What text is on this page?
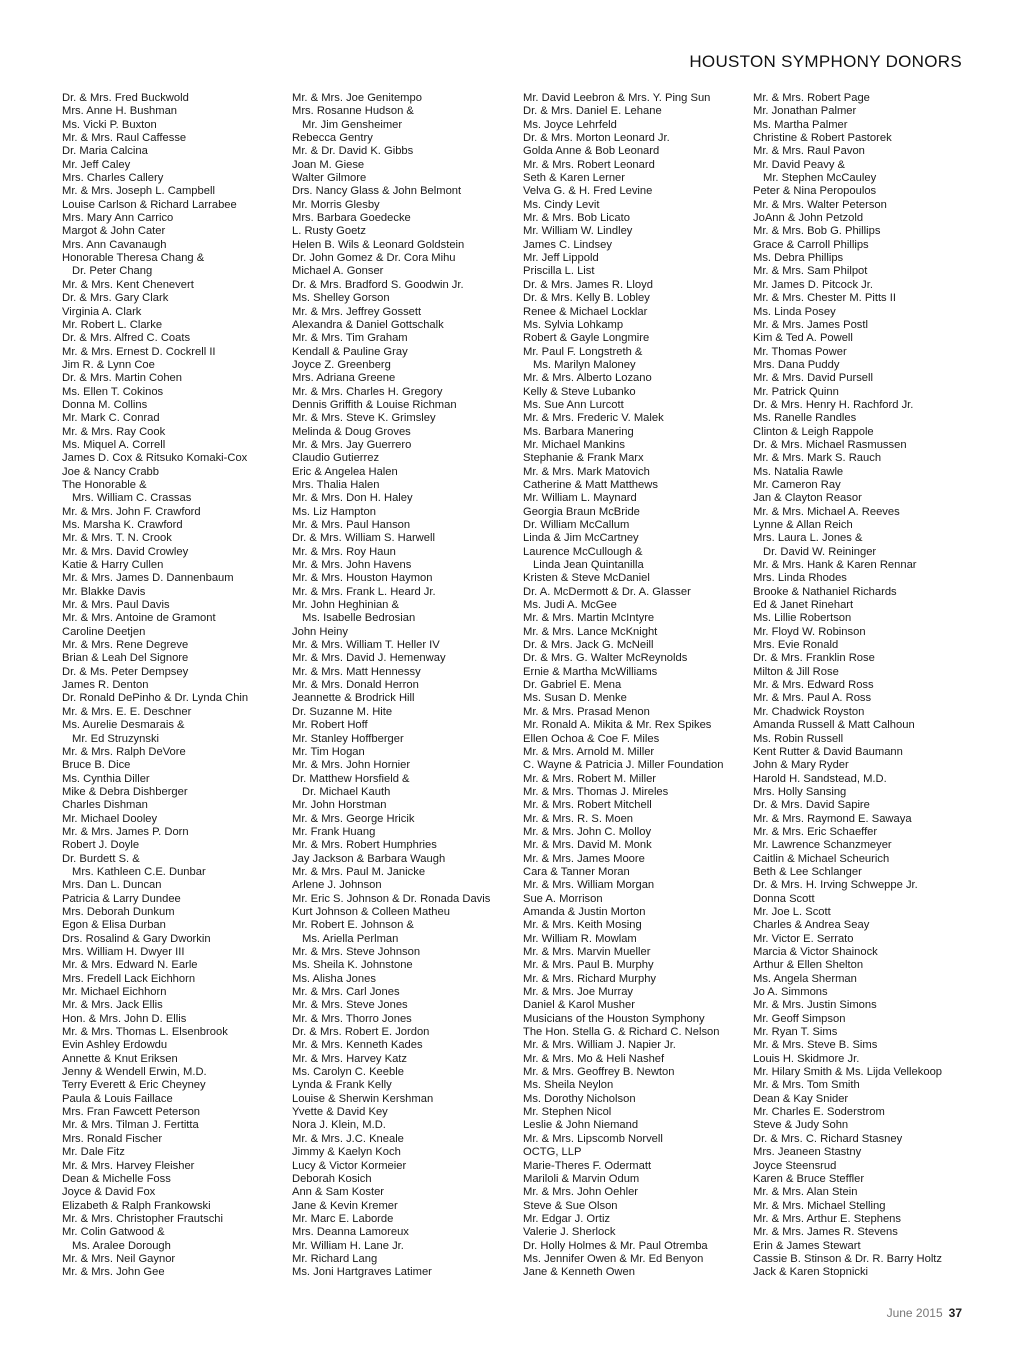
HOUSTON SYMPHONY DONORS
Dr. & Mrs. Fred Buckwold
Mrs. Anne H. Bushman
Ms. Vicki P. Buxton
Mr. & Mrs. Raul Caffesse
Dr. Maria Calcina
Mr. Jeff Caley
Mrs. Charles Callery
Mr. & Mrs. Joseph L. Campbell
Louise Carlson & Richard Larrabee
Mrs. Mary Ann Carrico
Margot & John Cater
Mrs. Ann Cavanaugh
Honorable Theresa Chang &
Dr. Peter Chang
Mr. & Mrs. Kent Chenevert
Dr. & Mrs. Gary Clark
Virginia A. Clark
Mr. Robert L. Clarke
Dr. & Mrs. Alfred C. Coats
Mr. & Mrs. Ernest D. Cockrell II
Jim R. & Lynn Coe
Dr. & Mrs. Martin Cohen
Ms. Ellen T. Cokinos
Donna M. Collins
Mr. Mark C. Conrad
Mr. & Mrs. Ray Cook
Ms. Miquel A. Correll
James D. Cox & Ritsuko Komaki-Cox
Joe & Nancy Crabb
The Honorable &
Mrs. William C. Crassas
Mr. & Mrs. John F. Crawford
Ms. Marsha K. Crawford
Mr. & Mrs. T. N. Crook
Mr. & Mrs. David Crowley
Katie & Harry Cullen
Mr. & Mrs. James D. Dannenbaum
Mr. Blakke Davis
Mr. & Mrs. Paul Davis
Mr. & Mrs. Antoine de Gramont
Caroline Deetjen
Mr. & Mrs. Rene Degreve
Brian & Leah Del Signore
Dr. & Ms. Peter Dempsey
James R. Denton
Dr. Ronald DePinho & Dr. Lynda Chin
Mr. & Mrs. E. E. Deschner
Ms. Aurelie Desmarais &
Mr. Ed Struzynski
Mr. & Mrs. Ralph DeVore
Bruce B. Dice
Ms. Cynthia Diller
Mike & Debra Dishberger
Charles Dishman
Mr. Michael Dooley
Mr. & Mrs. James P. Dorn
Robert J. Doyle
Dr. Burdett S. &
Mrs. Kathleen C.E. Dunbar
Mrs. Dan L. Duncan
Patricia & Larry Dundee
Mrs. Deborah Dunkum
Egon & Elisa Durban
Drs. Rosalind & Gary Dworkin
Mrs. William H. Dwyer III
Mr. & Mrs. Edward N. Earle
Mrs. Fredell Lack Eichhorn
Mr. Michael Eichhorn
Mr. & Mrs. Jack Ellis
Hon. & Mrs. John D. Ellis
Mr. & Mrs. Thomas L. Elsenbrook
Evin Ashley Erdowdu
Annette & Knut Eriksen
Jenny & Wendell Erwin, M.D.
Terry Everett & Eric Cheyney
Paula & Louis Faillace
Mrs. Fran Fawcett Peterson
Mr. & Mrs. Tilman J. Fertitta
Mrs. Ronald Fischer
Mr. Dale Fitz
Mr. & Mrs. Harvey Fleisher
Dean & Michelle Foss
Joyce & David Fox
Elizabeth & Ralph Frankowski
Mr. & Mrs. Christopher Frautschi
Mr. Colin Gatwood &
Ms. Aralee Dorough
Mr. & Mrs. Neil Gaynor
Mr. & Mrs. John Gee
Mr. & Mrs. Joe Genitempo
Mrs. Rosanne Hudson &
Mr. Jim Gensheimer
Rebecca Gentry
Mr. & Dr. David K. Gibbs
Joan M. Giese
Walter Gilmore
Drs. Nancy Glass & John Belmont
Mr. Morris Glesby
Mrs. Barbara Goedecke
L. Rusty Goetz
Helen B. Wils & Leonard Goldstein
Dr. John Gomez & Dr. Cora Mihu
Michael A. Gonser
Dr. & Mrs. Bradford S. Goodwin Jr.
Ms. Shelley Gorson
Mr. & Mrs. Jeffrey Gossett
Alexandra & Daniel Gottschalk
Mr. & Mrs. Tim Graham
Kendall & Pauline Gray
Joyce Z. Greenberg
Mrs. Adriana Greene
Mr. & Mrs. Charles H. Gregory
Dennis Griffith & Louise Richman
Mr. & Mrs. Steve K. Grimsley
Melinda & Doug Groves
Mr. & Mrs. Jay Guerrero
Claudio Gutierrez
Eric & Angelea Halen
Mrs. Thalia Halen
Mr. & Mrs. Don H. Haley
Ms. Liz Hampton
Mr. & Mrs. Paul Hanson
Dr. & Mrs. William S. Harwell
Mr. & Mrs. Roy Haun
Mr. & Mrs. John Havens
Mr. & Mrs. Houston Haymon
Mr. & Mrs. Frank L. Heard Jr.
Mr. John Heghinian &
Ms. Isabelle Bedrosian
John Heiny
Mr. & Mrs. William T. Heller IV
Mr. & Mrs. David J. Hemenway
Mr. & Mrs. Matt Hennessy
Mr. & Mrs. Donald Herron
Jeannette & Brodrick Hill
Dr. Suzanne M. Hite
Mr. Robert Hoff
Mr. Stanley Hoffberger
Mr. Tim Hogan
Mr. & Mrs. John Hornier
Dr. Matthew Horsfield &
Dr. Michael Kauth
Mr. John Horstman
Mr. & Mrs. George Hricik
Mr. Frank Huang
Mr. & Mrs. Robert Humphries
Jay Jackson & Barbara Waugh
Mr. & Mrs. Paul M. Janicke
Arlene J. Johnson
Mr. Eric S. Johnson & Dr. Ronada Davis
Kurt Johnson & Colleen Matheu
Mr. Robert E. Johnson &
Ms. Ariella Perlman
Mr. & Mrs. Steve Johnson
Ms. Sheila K. Johnstone
Ms. Alisha Jones
Mr. & Mrs. Carl Jones
Mr. & Mrs. Steve Jones
Mr. & Mrs. Thorro Jones
Dr. & Mrs. Robert E. Jordon
Mr. & Mrs. Kenneth Kades
Mr. & Mrs. Harvey Katz
Ms. Carolyn C. Keeble
Lynda & Frank Kelly
Louise & Sherwin Kershman
Yvette & David Key
Nora J. Klein, M.D.
Mr. & Mrs. J.C. Kneale
Jimmy & Kaelyn Koch
Lucy & Victor Kormeier
Deborah Kosich
Ann & Sam Koster
Jane & Kevin Kremer
Mr. Marc E. Laborde
Mrs. Deanna Lamoreux
Mr. William H. Lane Jr.
Mr. Richard Lang
Ms. Joni Hartgraves Latimer
Mr. David Leebron & Mrs. Y. Ping Sun
Dr. & Mrs. Daniel E. Lehane
Ms. Joyce Lehrfeld
Dr. & Mrs. Morton Leonard Jr.
Golda Anne & Bob Leonard
Mr. & Mrs. Robert Leonard
Seth & Karen Lerner
Velva G. & H. Fred Levine
Ms. Cindy Levit
Mr. & Mrs. Bob Licato
Mr. William W. Lindley
James C. Lindsey
Mr. Jeff Lippold
Priscilla L. List
Dr. & Mrs. James R. Lloyd
Dr. & Mrs. Kelly B. Lobley
Renee & Michael Locklar
Ms. Sylvia Lohkamp
Robert & Gayle Longmire
Mr. Paul F. Longstreth &
Ms. Marilyn Maloney
Mr. & Mrs. Alberto Lozano
Kelly & Steve Lubanko
Ms. Sue Ann Lurcott
Mr. & Mrs. Frederic V. Malek
Ms. Barbara Manering
Mr. Michael Mankins
Stephanie & Frank Marx
Mr. & Mrs. Mark Matovich
Catherine & Matt Matthews
Mr. William L. Maynard
Georgia Braun McBride
Dr. William McCallum
Linda & Jim McCartney
Laurence McCullough &
Linda Jean Quintanilla
Kristen & Steve McDaniel
Dr. A. McDermott & Dr. A. Glasser
Ms. Judi A. McGee
Mr. & Mrs. Martin McIntyre
Mr. & Mrs. Lance McKnight
Dr. & Mrs. Jack G. McNeill
Dr. & Mrs. G. Walter McReynolds
Ernie & Martha McWilliams
Dr. Gabriel E. Mena
Ms. Susan D. Menke
Mr. & Mrs. Prasad Menon
Mr. Ronald A. Mikita & Mr. Rex Spikes
Ellen Ochoa & Coe F. Miles
Mr. & Mrs. Arnold M. Miller
C. Wayne & Patricia J. Miller Foundation
Mr. & Mrs. Robert M. Miller
Mr. & Mrs. Thomas J. Mireles
Mr. & Mrs. Robert Mitchell
Mr. & Mrs. R. S. Moen
Mr. & Mrs. John C. Molloy
Mr. & Mrs. David M. Monk
Mr. & Mrs. James Moore
Cara & Tanner Moran
Mr. & Mrs. William Morgan
Sue A. Morrison
Amanda & Justin Morton
Mr. & Mrs. Keith Mosing
Mr. William R. Mowlam
Mr. & Mrs. Marvin Mueller
Mr. & Mrs. Paul B. Murphy
Mr. & Mrs. Richard Murphy
Mr. & Mrs. Joe Murray
Daniel & Karol Musher
Musicians of the Houston Symphony
The Hon. Stella G. & Richard C. Nelson
Mr. & Mrs. William J. Napier Jr.
Mr. & Mrs. Mo & Heli Nashef
Mr. & Mrs. Geoffrey B. Newton
Ms. Sheila Neylon
Ms. Dorothy Nicholson
Mr. Stephen Nicol
Leslie & John Niemand
Mr. & Mrs. Lipscomb Norvell
OCTG, LLP
Marie-Theres F. Odermatt
Mariloli & Marvin Odum
Mr. & Mrs. John Oehler
Steve & Sue Olson
Mr. Edgar J. Ortiz
Valerie J. Sherlock
Dr. Holly Holmes & Mr. Paul Otremba
Ms. Jennifer Owen & Mr. Ed Benyon
Jane & Kenneth Owen
Mr. & Mrs. Robert Page
Mr. Jonathan Palmer
Ms. Martha Palmer
Christine & Robert Pastorek
Mr. & Mrs. Raul Pavon
Mr. David Peavy &
Mr. Stephen McCauley
Peter & Nina Peropoulos
Mr. & Mrs. Walter Peterson
JoAnn & John Petzold
Mr. & Mrs. Bob G. Phillips
Grace & Carroll Phillips
Ms. Debra Phillips
Mr. & Mrs. Sam Philpot
Mr. James D. Pitcock Jr.
Mr. & Mrs. Chester M. Pitts II
Ms. Linda Posey
Mr. & Mrs. James Postl
Kim & Ted A. Powell
Mr. Thomas Power
Mrs. Dana Puddy
Mr. & Mrs. David Pursell
Mr. Patrick Quinn
Dr. & Mrs. Henry H. Rachford Jr.
Ms. Ranelle Randles
Clinton & Leigh Rappole
Dr. & Mrs. Michael Rasmussen
Mr. & Mrs. Mark S. Rauch
Ms. Natalia Rawle
Mr. Cameron Ray
Jan & Clayton Reasor
Mr. & Mrs. Michael A. Reeves
Lynne & Allan Reich
Mrs. Laura L. Jones &
Dr. David W. Reininger
Mr. & Mrs. Hank & Karen Rennar
Mrs. Linda Rhodes
Brooke & Nathaniel Richards
Ed & Janet Rinehart
Ms. Lillie Robertson
Mr. Floyd W. Robinson
Mrs. Evie Ronald
Dr. & Mrs. Franklin Rose
Milton & Jill Rose
Mr. & Mrs. Edward Ross
Mr. & Mrs. Paul A. Ross
Mr. Chadwick Royston
Amanda Russell & Matt Calhoun
Ms. Robin Russell
Kent Rutter & David Baumann
John & Mary Ryder
Harold H. Sandstead, M.D.
Mrs. Holly Sansing
Dr. & Mrs. David Sapire
Mr. & Mrs. Raymond E. Sawaya
Mr. & Mrs. Eric Schaeffer
Mr. Lawrence Schanzmeyer
Caitlin & Michael Scheurich
Beth & Lee Schlanger
Dr. & Mrs. H. Irving Schweppe Jr.
Donna Scott
Mr. Joe L. Scott
Charles & Andrea Seay
Mr. Victor E. Serrato
Marcia & Victor Shainock
Arthur & Ellen Shelton
Ms. Angela Sherman
Jo A. Simmons
Mr. & Mrs. Justin Simons
Mr. Geoff Simpson
Mr. Ryan T. Sims
Mr. & Mrs. Steve B. Sims
Louis H. Skidmore Jr.
Mr. Hilary Smith & Ms. Lijda Vellekoop
Mr. & Mrs. Tom Smith
Dean & Kay Snider
Mr. Charles E. Soderstrom
Steve & Judy Sohn
Dr. & Mrs. C. Richard Stasney
Mrs. Jeaneen Stastny
Joyce Steensrud
Karen & Bruce Steffler
Mr. & Mrs. Alan Stein
Mr. & Mrs. Michael Stelling
Mr. & Mrs. Arthur E. Stephens
Mr. & Mrs. James R. Stevens
Erin & James Stewart
Cassie B. Stinson & Dr. R. Barry Holtz
Jack & Karen Stopnicki
June 2015 37
